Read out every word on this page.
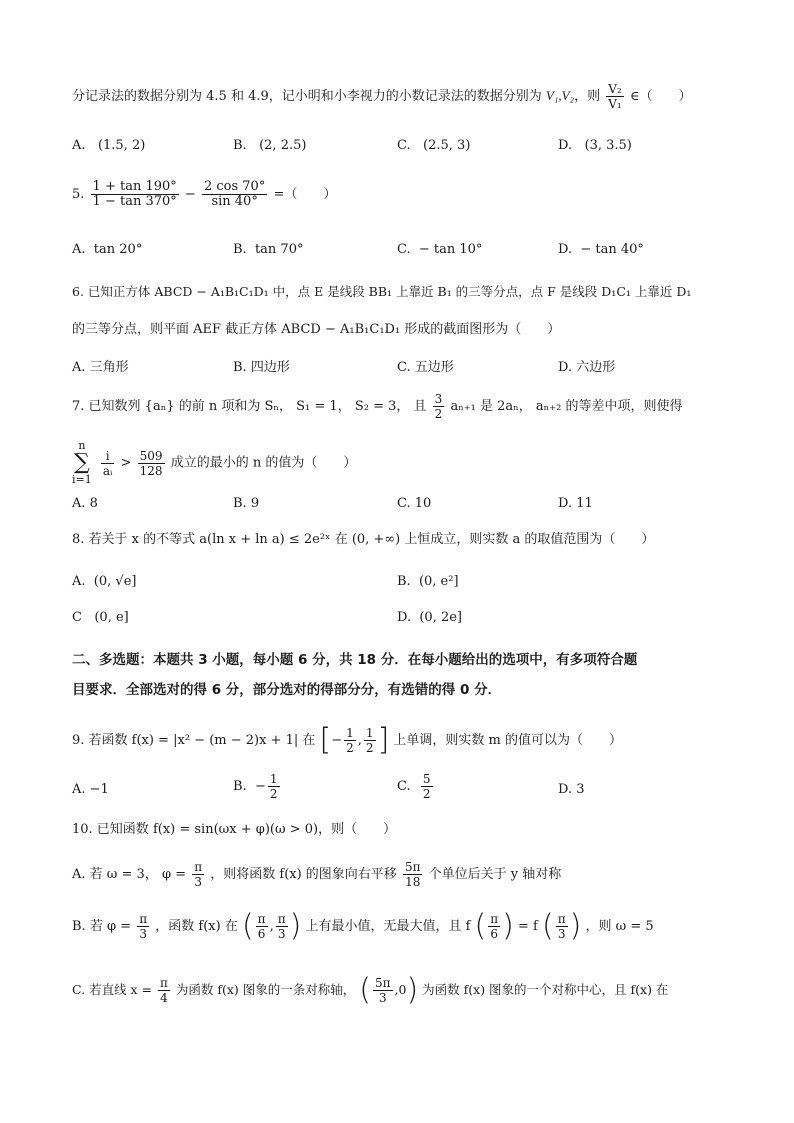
分记录法的数据分别为 4.5 和 4.9，记小明和小李视力的小数记录法的数据分别为 V₁,V₂，则 $\frac{\text{V₂}}{\text{V₁}}$ ∈（　　）
A. (1.5, 2)	B. (2, 2.5)	C. (2.5, 3)	D. (3, 3.5)
5. $\frac{1 + \tan 190^\circ}{1 - \tan 370^\circ} - \frac{2 \cos 70^\circ}{\sin 40^\circ}$ =（　　）
A. tan 20°	B. tan 70°	C. − tan 10°	D. − tan 40°
6. 已知正方体 ABCD − A₁B₁C₁D₁ 中，点 E 是线段 BB₁ 上靠近 B₁ 的三等分点，点 F 是线段 D₁C₁ 上靠近 D₁
的三等分点，则平面 AEF 截正方体 ABCD − A₁B₁C₁D₁ 形成的截面图形为（　　）
A. 三角形	B. 四边形	C. 五边形	D. 六边形
7. 已知数列 {aₙ} 的前 n 项和为 Sₙ， S₁ = 1， S₂ = 3， 且 $\frac{3}{2} a_{n+1}$ 是 2aₙ， aₙ₊₂ 的等差中项，则使得
n
∑
i=1
$\frac{i}{\text{aᵢ}} > \frac{509}{128}$ 成立的最小的 n 的值为（　　）
A. 8	B. 9	C. 10	D. 11
8. 若关于 x 的不等式 a(ln x + ln a) ≤ 2e²ˣ 在 (0, +∞) 上恒成立，则实数 a 的取值范围为（　　）
A. (0, √e]	B. (0, e²]
C (0, e]	D. (0, 2e]
二、多选题：本题共 3 小题，每小题 6 分，共 18 分．在每小题给出的选项中，有多项符合题
目要求．全部选对的得 6 分，部分选对的得部分分，有选错的得 0 分．
9. 若函数 f(x) = |x² − (m − 2)x + 1| 在 [− $\frac{1}{2}$ , $\frac{1}{2}$ ] 上单调，则实数 m 的值可以为（　　）
A. −1	B. − $\frac{1}{2}$	C. $\frac{5}{2}$	D. 3
10. 已知函数 f(x) = sin(ωx + φ)(ω > 0)，则（　　）
A. 若 ω = 3， $\varphi = \frac{\pi}{3}$ ，则将函数 f(x) 的图象向右平移 $\frac{5\pi}{18}$ 个单位后关于 y 轴对称
B. 若 $\varphi = \frac{\pi}{3}$ ，函数 f(x) 在 ( $\frac{\pi}{6}$ , $\frac{\pi}{3}$ ) 上有最小值，无最大值，且 f ( $\frac{\pi}{6}$ ) = f ( $\frac{\pi}{3}$ ) ，则 ω = 5
C. 若直线 $x = \frac{\pi}{4}$ 为函数 f(x) 图象的一条对称轴， ( $\frac{5\pi}{3} ,0$) 为函数 f(x) 图象的一个对称中心，且 f(x) 在
